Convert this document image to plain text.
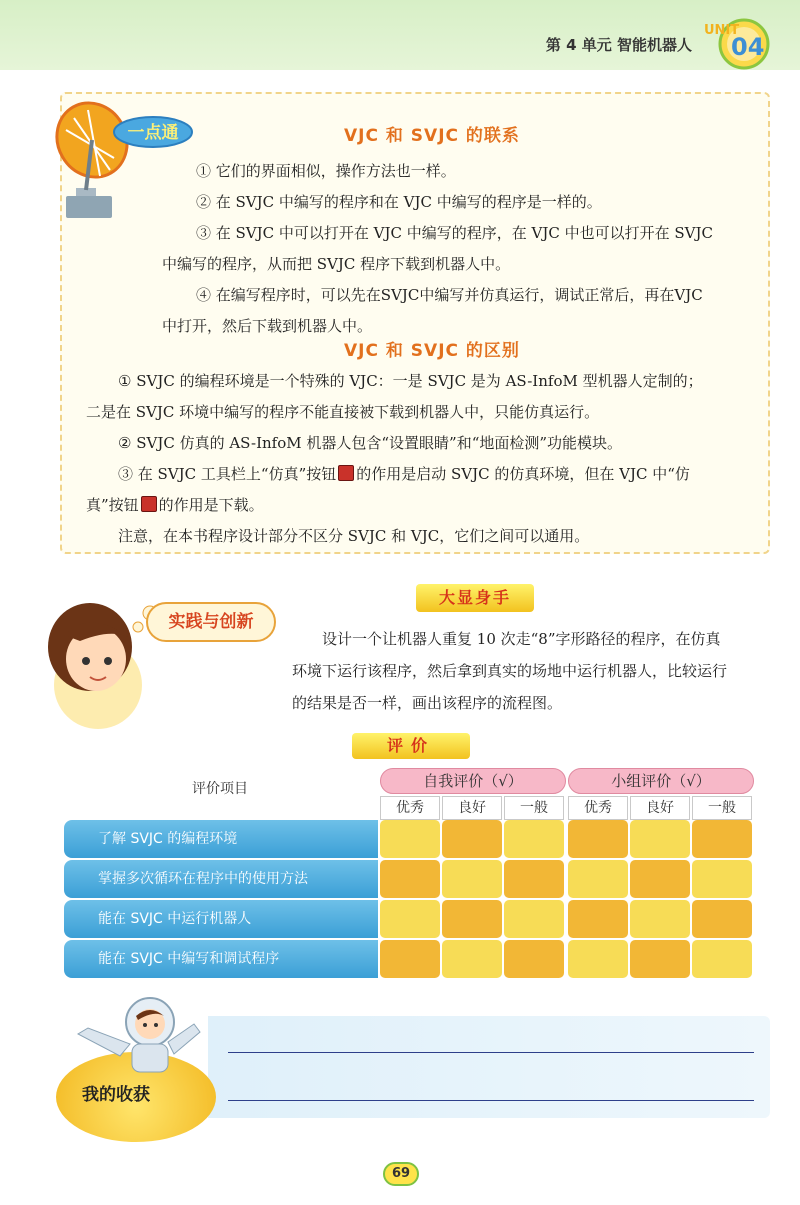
第 4 单元 智能机器人
UNIT
04
一点通	VJC 和 SVJC 的联系
① 它们的界面相似，操作方法也一样。
② 在 SVJC 中编写的程序和在 VJC 中编写的程序是一样的。
③ 在 SVJC 中可以打开在 VJC 中编写的程序，在 VJC 中也可以打开在 SVJC
中编写的程序，从而把 SVJC 程序下载到机器人中。
④ 在编写程序时，可以先在SVJC中编写并仿真运行，调试正常后，再在VJC
中打开，然后下载到机器人中。
VJC 和 SVJC 的区别
① SVJC 的编程环境是一个特殊的 VJC：一是 SVJC 是为 AS-InfoM 型机器人定制的；
二是在 SVJC 环境中编写的程序不能直接被下载到机器人中，只能仿真运行。
② SVJC 仿真的 AS-InfoM 机器人包含“设置眼睛”和“地面检测”功能模块。
③ 在 SVJC 工具栏上“仿真”按钮 的作用是启动 SVJC 的仿真环境，但在 VJC 中“仿
真”按钮 的作用是下载。
注意，在本书程序设计部分不区分 SVJC 和 VJC，它们之间可以通用。
实践与创新
大显身手
设计一个让机器人重复 10 次走“8”字形路径的程序，在仿真
环境下运行该程序，然后拿到真实的场地中运行机器人，比较运行
的结果是否一样，画出该程序的流程图。
评价
评价项目	自我评价（√）	小组评价（√）
优秀	良好	一般	优秀	良好	一般
了解 SVJC 的编程环境
掌握多次循环在程序中的使用方法
能在 SVJC 中运行机器人
能在 SVJC 中编写和调试程序
我的收获
69
